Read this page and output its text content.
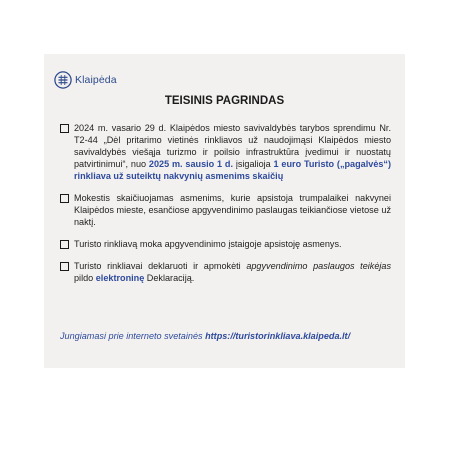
Klaipėda
TEISINIS PAGRINDAS
2024 m. vasario 29 d. Klaipėdos miesto savivaldybės tarybos sprendimu Nr. T2-44 „Dėl pritarimo vietinės rinkliavos už naudojimąsi Klaipėdos miesto savivaldybės viešąja turizmo ir poilsio infrastruktūra įvedimui ir nuostatų patvirtinimui“, nuo 2025 m. sausio 1 d. įsigalioja 1 euro Turisto („pagalvės“) rinkliava už suteiktų nakvynių asmenims skaičių
Mokestis skaičiuojamas asmenims, kurie apsistoja trumpalaikei nakvynei Klaipėdos mieste, esančiose apgyvendinimo paslaugas teikiančiose vietose už naktį.
Turisto rinkliavą moka apgyvendinimo įstaigoje apsistoję asmenys.
Turisto rinkliavai deklaruoti ir apmokėti apgyvendinimo paslaugos teikėjas pildo elektroninę Deklaraciją.
Jungiamasi prie interneto svetainės https://turistorinkliava.klaipeda.lt/
